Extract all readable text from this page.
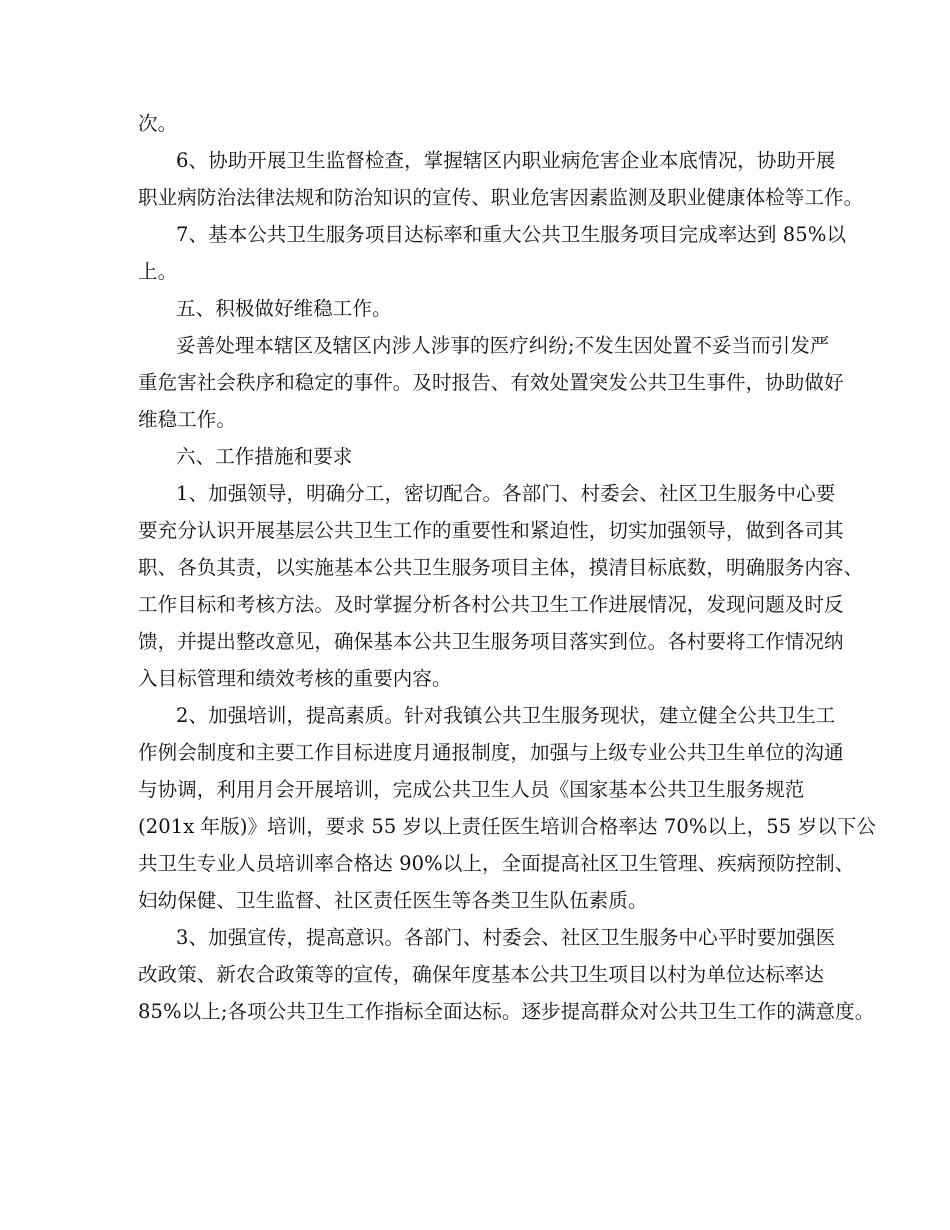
次。
6、协助开展卫生监督检查，掌握辖区内职业病危害企业本底情况，协助开展
职业病防治法律法规和防治知识的宣传、职业危害因素监测及职业健康体检等工作。
7、基本公共卫生服务项目达标率和重大公共卫生服务项目完成率达到 85%以
上。
五、积极做好维稳工作。
妥善处理本辖区及辖区内涉人涉事的医疗纠纷;不发生因处置不妥当而引发严
重危害社会秩序和稳定的事件。及时报告、有效处置突发公共卫生事件，协助做好
维稳工作。
六、工作措施和要求
1、加强领导，明确分工，密切配合。各部门、村委会、社区卫生服务中心要
要充分认识开展基层公共卫生工作的重要性和紧迫性，切实加强领导，做到各司其
职、各负其责，以实施基本公共卫生服务项目主体，摸清目标底数，明确服务内容、
工作目标和考核方法。及时掌握分析各村公共卫生工作进展情况，发现问题及时反
馈，并提出整改意见，确保基本公共卫生服务项目落实到位。各村要将工作情况纳
入目标管理和绩效考核的重要内容。
2、加强培训，提高素质。针对我镇公共卫生服务现状，建立健全公共卫生工
作例会制度和主要工作目标进度月通报制度，加强与上级专业公共卫生单位的沟通
与协调，利用月会开展培训，完成公共卫生人员《国家基本公共卫生服务规范
(201x 年版)》培训，要求 55 岁以上责任医生培训合格率达 70%以上，55 岁以下公
共卫生专业人员培训率合格达 90%以上，全面提高社区卫生管理、疾病预防控制、
妇幼保健、卫生监督、社区责任医生等各类卫生队伍素质。
3、加强宣传，提高意识。各部门、村委会、社区卫生服务中心平时要加强医
改政策、新农合政策等的宣传，确保年度基本公共卫生项目以村为单位达标率达
85%以上;各项公共卫生工作指标全面达标。逐步提高群众对公共卫生工作的满意度。
